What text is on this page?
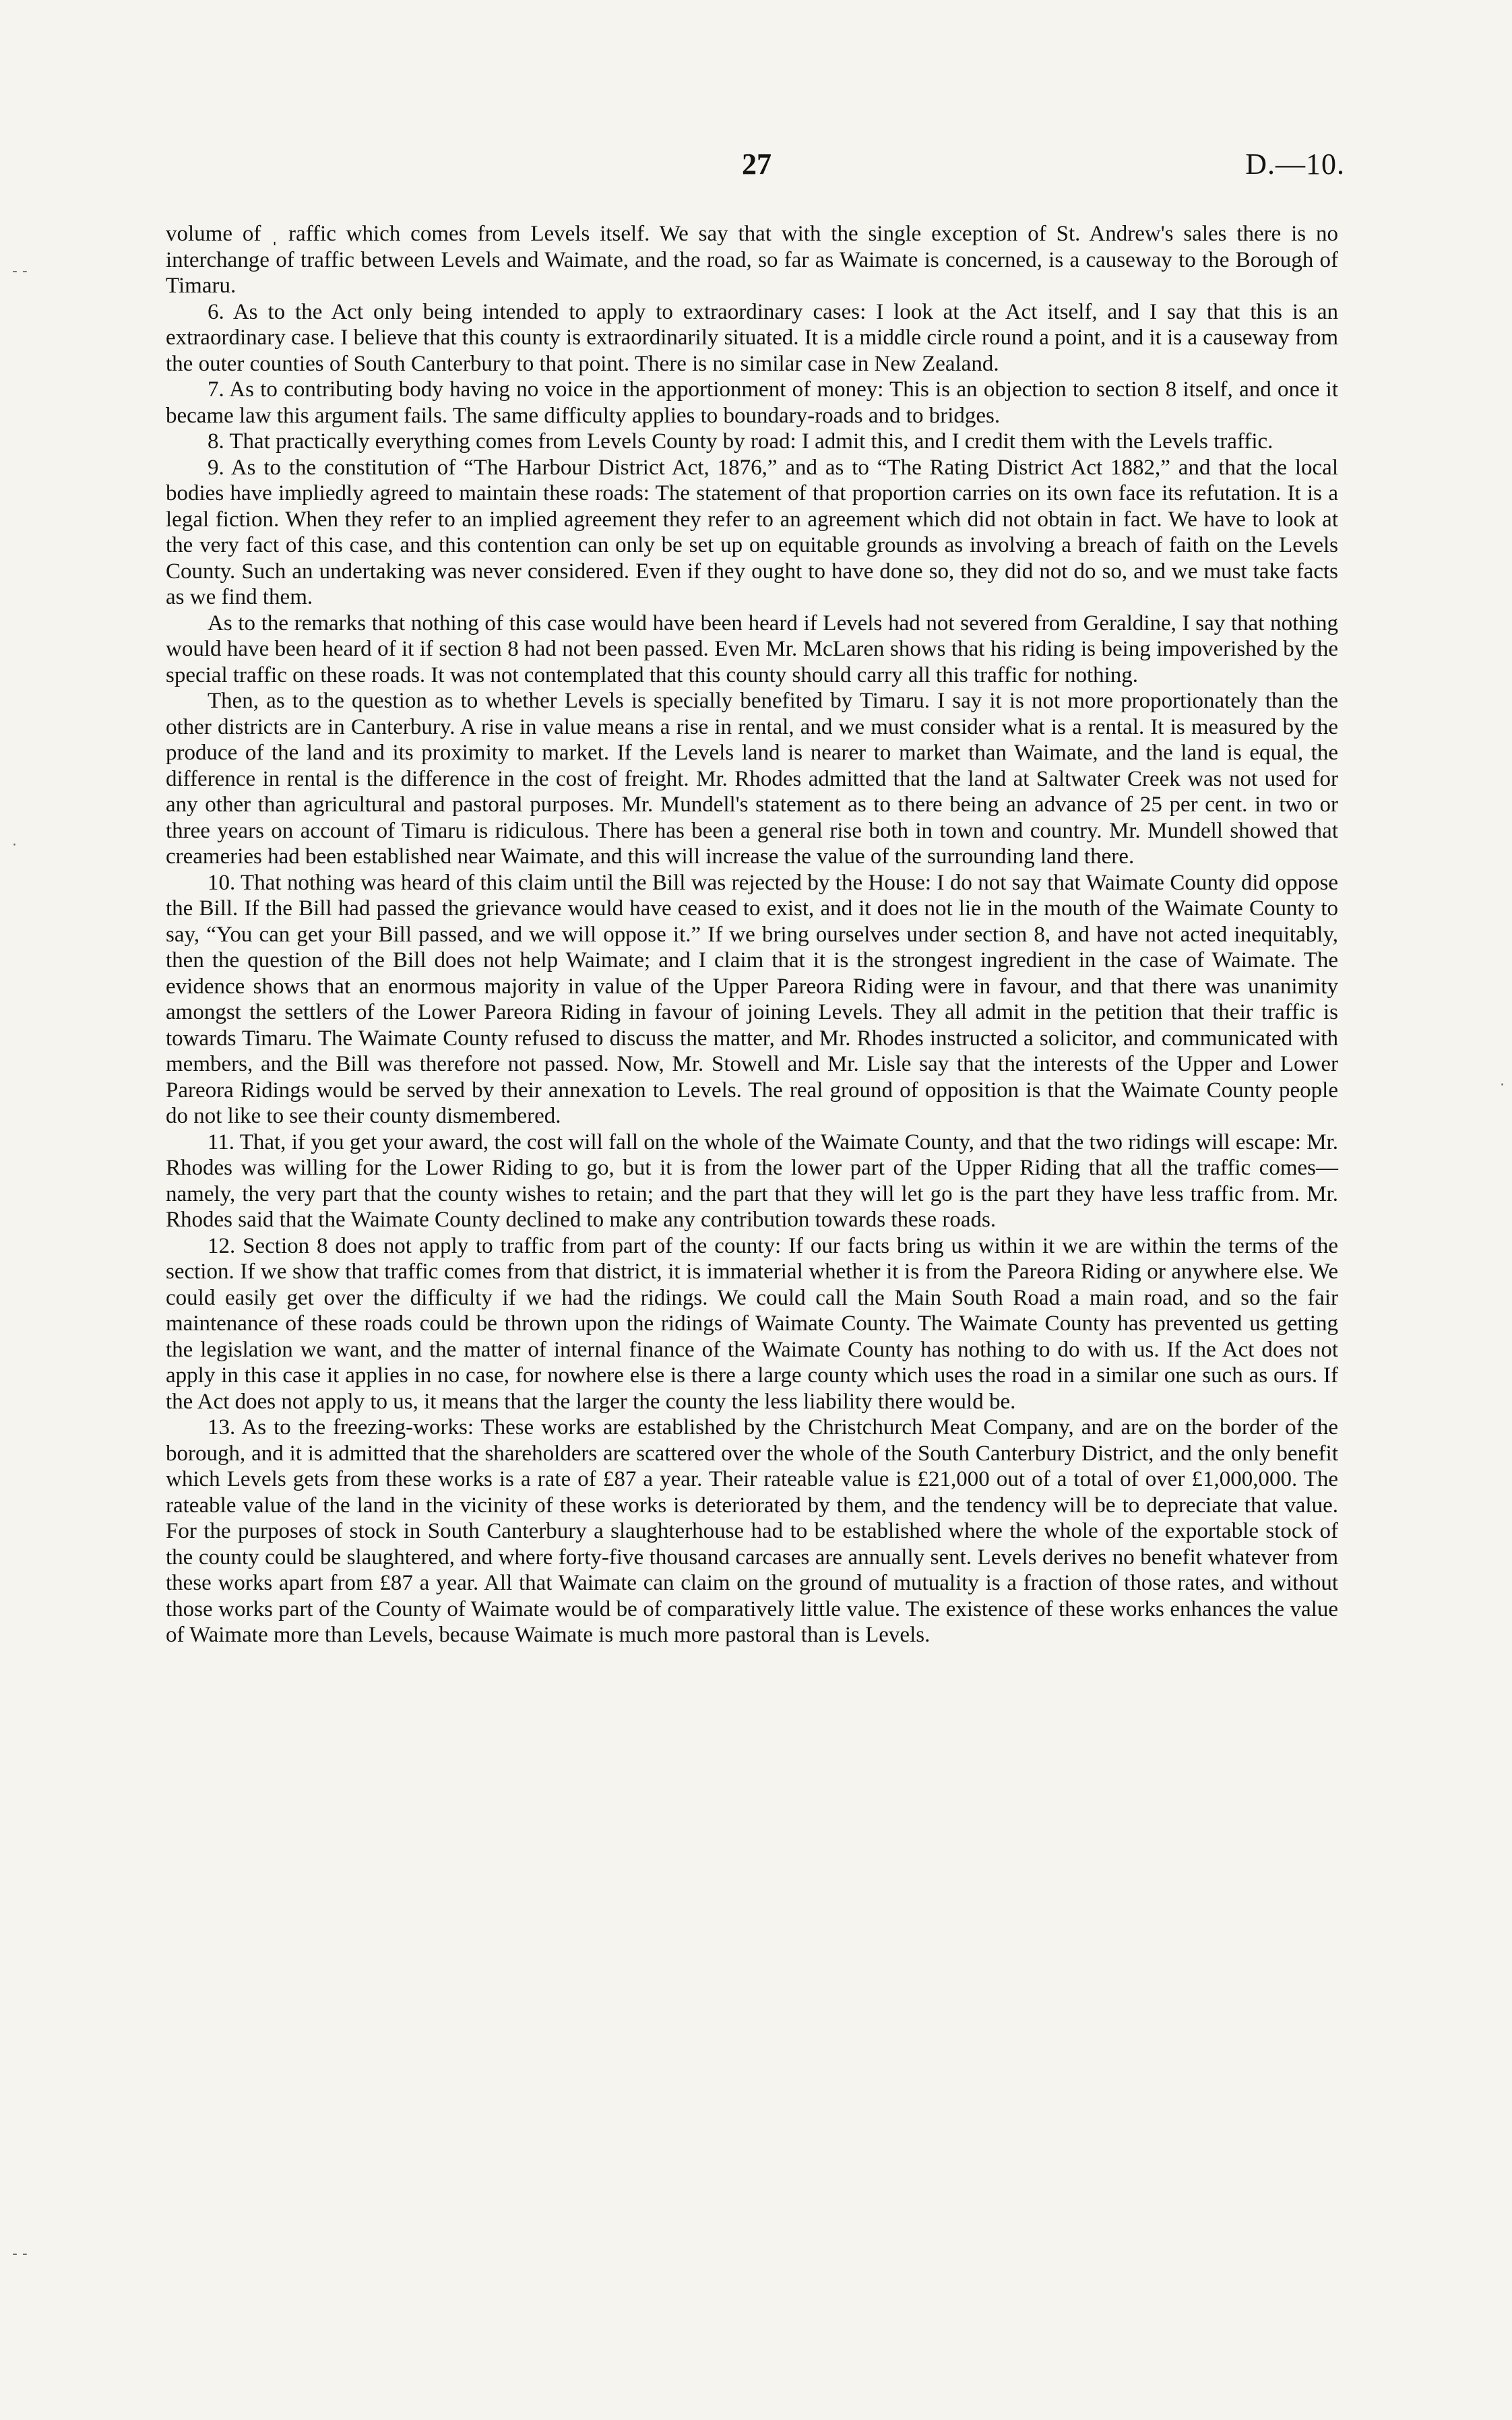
27	D.—10.

volume of ˌ raffic which comes from Levels itself. We say that with the single exception of St. Andrew's sales there is no interchange of traffic between Levels and Waimate, and the road, so far as Waimate is concerned, is a causeway to the Borough of Timaru.

6. As to the Act only being intended to apply to extraordinary cases: I look at the Act itself, and I say that this is an extraordinary case. I believe that this county is extraordinarily situated. It is a middle circle round a point, and it is a causeway from the outer counties of South Canterbury to that point. There is no similar case in New Zealand.

7. As to contributing body having no voice in the apportionment of money: This is an objection to section 8 itself, and once it became law this argument fails. The same difficulty applies to boundary-roads and to bridges.

8. That practically everything comes from Levels County by road: I admit this, and I credit them with the Levels traffic.

9. As to the constitution of “The Harbour District Act, 1876,” and as to “The Rating District Act 1882,” and that the local bodies have impliedly agreed to maintain these roads: The statement of that proportion carries on its own face its refutation. It is a legal fiction. When they refer to an implied agreement they refer to an agreement which did not obtain in fact. We have to look at the very fact of this case, and this contention can only be set up on equitable grounds as involving a breach of faith on the Levels County. Such an undertaking was never considered. Even if they ought to have done so, they did not do so, and we must take facts as we find them.

As to the remarks that nothing of this case would have been heard if Levels had not severed from Geraldine, I say that nothing would have been heard of it if section 8 had not been passed. Even Mr. McLaren shows that his riding is being impoverished by the special traffic on these roads. It was not contemplated that this county should carry all this traffic for nothing.

Then, as to the question as to whether Levels is specially benefited by Timaru. I say it is not more proportionately than the other districts are in Canterbury. A rise in value means a rise in rental, and we must consider what is a rental. It is measured by the produce of the land and its proximity to market. If the Levels land is nearer to market than Waimate, and the land is equal, the difference in rental is the difference in the cost of freight. Mr. Rhodes admitted that the land at Saltwater Creek was not used for any other than agricultural and pastoral purposes. Mr. Mundell's statement as to there being an advance of 25 per cent. in two or three years on account of Timaru is ridiculous. There has been a general rise both in town and country. Mr. Mundell showed that creameries had been established near Waimate, and this will increase the value of the surrounding land there.

10. That nothing was heard of this claim until the Bill was rejected by the House: I do not say that Waimate County did oppose the Bill. If the Bill had passed the grievance would have ceased to exist, and it does not lie in the mouth of the Waimate County to say, “You can get your Bill passed, and we will oppose it.” If we bring ourselves under section 8, and have not acted inequitably, then the question of the Bill does not help Waimate; and I claim that it is the strongest ingredient in the case of Waimate. The evidence shows that an enormous majority in value of the Upper Pareora Riding were in favour, and that there was unanimity amongst the settlers of the Lower Pareora Riding in favour of joining Levels. They all admit in the petition that their traffic is towards Timaru. The Waimate County refused to discuss the matter, and Mr. Rhodes instructed a solicitor, and communicated with members, and the Bill was therefore not passed. Now, Mr. Stowell and Mr. Lisle say that the interests of the Upper and Lower Pareora Ridings would be served by their annexation to Levels. The real ground of opposition is that the Waimate County people do not like to see their county dismembered.

11. That, if you get your award, the cost will fall on the whole of the Waimate County, and that the two ridings will escape: Mr. Rhodes was willing for the Lower Riding to go, but it is from the lower part of the Upper Riding that all the traffic comes—namely, the very part that the county wishes to retain; and the part that they will let go is the part they have less traffic from. Mr. Rhodes said that the Waimate County declined to make any contribution towards these roads.

12. Section 8 does not apply to traffic from part of the county: If our facts bring us within it we are within the terms of the section. If we show that traffic comes from that district, it is immaterial whether it is from the Pareora Riding or anywhere else. We could easily get over the difficulty if we had the ridings. We could call the Main South Road a main road, and so the fair maintenance of these roads could be thrown upon the ridings of Waimate County. The Waimate County has prevented us getting the legislation we want, and the matter of internal finance of the Waimate County has nothing to do with us. If the Act does not apply in this case it applies in no case, for nowhere else is there a large county which uses the road in a similar one such as ours. If the Act does not apply to us, it means that the larger the county the less liability there would be.

13. As to the freezing-works: These works are established by the Christchurch Meat Company, and are on the border of the borough, and it is admitted that the shareholders are scattered over the whole of the South Canterbury District, and the only benefit which Levels gets from these works is a rate of £87 a year. Their rateable value is £21,000 out of a total of over £1,000,000. The rateable value of the land in the vicinity of these works is deteriorated by them, and the tendency will be to depreciate that value. For the purposes of stock in South Canterbury a slaughterhouse had to be established where the whole of the exportable stock of the county could be slaughtered, and where forty-five thousand carcases are annually sent. Levels derives no benefit whatever from these works apart from £87 a year. All that Waimate can claim on the ground of mutuality is a fraction of those rates, and without those works part of the County of Waimate would be of comparatively little value. The existence of these works enhances the value of Waimate more than Levels, because Waimate is much more pastoral than is Levels.

‑ ‑
·
·
‑ ‑
